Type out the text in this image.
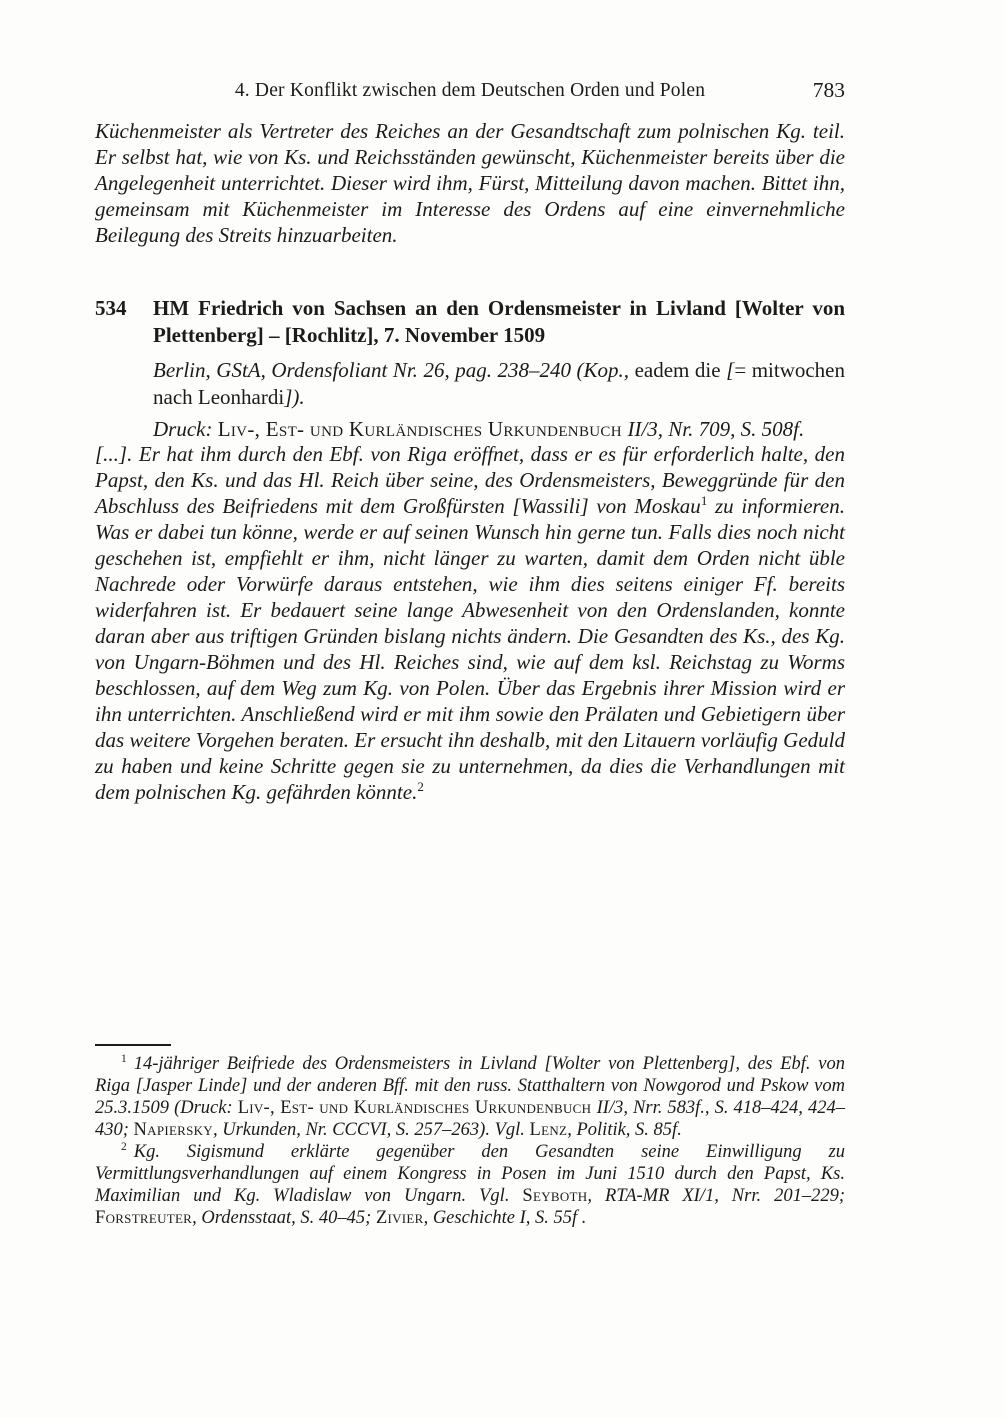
4. Der Konflikt zwischen dem Deutschen Orden und Polen	783

Küchenmeister als Vertreter des Reiches an der Gesandtschaft zum polnischen Kg. teil. Er selbst hat, wie von Ks. und Reichsständen gewünscht, Küchenmeister bereits über die Angelegenheit unterrichtet. Dieser wird ihm, Fürst, Mitteilung davon machen. Bittet ihn, gemeinsam mit Küchenmeister im Interesse des Ordens auf eine einvernehmliche Beilegung des Streits hinzuarbeiten.

534	HM Friedrich von Sachsen an den Ordensmeister in Livland [Wolter von Plettenberg] – [Rochlitz], 7. November 1509

Berlin, GStA, Ordensfoliant Nr. 26, pag. 238–240 (Kop., eadem die [= mitwochen nach Leonhardi]).

Druck: Liv-, Est- und Kurländisches Urkundenbuch II/3, Nr. 709, S. 508f.

[...]. Er hat ihm durch den Ebf. von Riga eröffnet, dass er es für erforderlich halte, den Papst, den Ks. und das Hl. Reich über seine, des Ordensmeisters, Beweggründe für den Abschluss des Beifriedens mit dem Großfürsten [Wassili] von Moskau$^1$ zu informieren. Was er dabei tun könne, werde er auf seinen Wunsch hin gerne tun. Falls dies noch nicht geschehen ist, empfiehlt er ihm, nicht länger zu warten, damit dem Orden nicht üble Nachrede oder Vorwürfe daraus entstehen, wie ihm dies seitens einiger Ff. bereits widerfahren ist. Er bedauert seine lange Abwesenheit von den Ordenslanden, konnte daran aber aus triftigen Gründen bislang nichts ändern. Die Gesandten des Ks., des Kg. von Ungarn-Böhmen und des Hl. Reiches sind, wie auf dem ksl. Reichstag zu Worms beschlossen, auf dem Weg zum Kg. von Polen. Über das Ergebnis ihrer Mission wird er ihn unterrichten. Anschließend wird er mit ihm sowie den Prälaten und Gebietigern über das weitere Vorgehen beraten. Er ersucht ihn deshalb, mit den Litauern vorläufig Geduld zu haben und keine Schritte gegen sie zu unternehmen, da dies die Verhandlungen mit dem polnischen Kg. gefährden könnte.$^2$

$^1$ 14-jähriger Beifriede des Ordensmeisters in Livland [Wolter von Plettenberg], des Ebf. von Riga [Jasper Linde] und der anderen Bff. mit den russ. Statthaltern von Nowgorod und Pskow vom 25.3.1509 (Druck: Liv-, Est- und Kurländisches Urkundenbuch II/3, Nrr. 583f., S. 418–424, 424–430; Napiersky, Urkunden, Nr. CCCVI, S. 257–263). Vgl. Lenz, Politik, S. 85f.

$^2$ Kg. Sigismund erklärte gegenüber den Gesandten seine Einwilligung zu Vermittlungsverhandlungen auf einem Kongress in Posen im Juni 1510 durch den Papst, Ks. Maximilian und Kg. Wladislaw von Ungarn. Vgl. Seyboth, RTA-MR XI/1, Nrr. 201–229; Forstreuter, Ordensstaat, S. 40–45; Zivier, Geschichte I, S. 55f .
